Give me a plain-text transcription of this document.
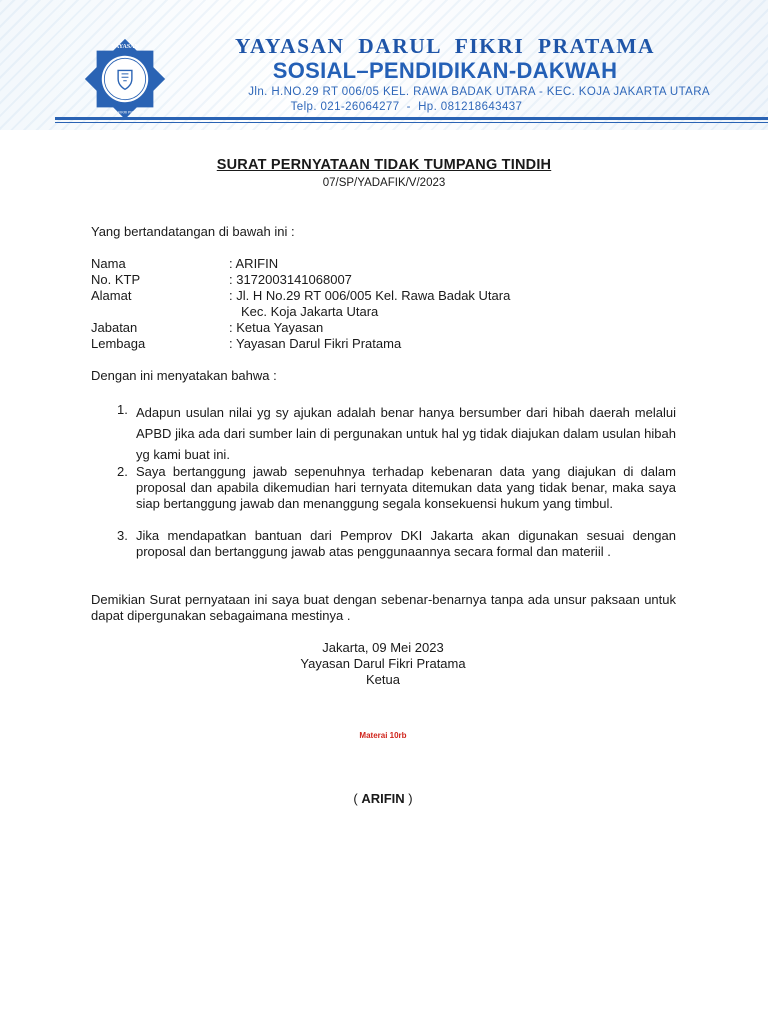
YAYASAN
DARUL FIKRI PRATAMA
YAYASAN  DARUL  FIKRI  PRATAMA
SOSIAL–PENDIDIKAN-DAKWAH
Jln. H.NO.29 RT 006/05 KEL. RAWA BADAK UTARA - KEC. KOJA JAKARTA UTARA
Telp. 021-26064277  -  Hp. 081218643437
SURAT PERNYATAAN TIDAK TUMPANG TINDIH
07/SP/YADAFIK/V/2023
Yang bertandatangan di bawah ini :
Nama	: ARIFIN
No. KTP	: 3172003141068007
Alamat	: Jl. H No.29 RT 006/005 Kel. Rawa Badak Utara
Kec. Koja Jakarta Utara
Jabatan	: Ketua Yayasan
Lembaga	: Yayasan Darul Fikri Pratama
Dengan ini menyatakan bahwa :
1. Adapun usulan nilai yg sy ajukan adalah benar hanya bersumber dari hibah daerah melalui APBD jika ada dari sumber lain di pergunakan untuk hal yg tidak diajukan dalam usulan hibah yg kami buat ini.
2. Saya bertanggung jawab sepenuhnya terhadap kebenaran data yang diajukan di dalam proposal dan apabila dikemudian hari ternyata ditemukan data yang tidak benar, maka saya siap bertanggung jawab dan menanggung segala konsekuensi hukum yang timbul.
3. Jika mendapatkan bantuan dari Pemprov DKI Jakarta akan digunakan sesuai dengan proposal dan bertanggung jawab atas penggunaannya secara formal dan materiil .
Demikian Surat pernyataan ini saya buat dengan sebenar-benarnya tanpa ada unsur paksaan untuk dapat dipergunakan sebagaimana mestinya .
Jakarta, 09 Mei 2023
Yayasan Darul Fikri Pratama
Ketua
Materai 10rb
( ARIFIN )
